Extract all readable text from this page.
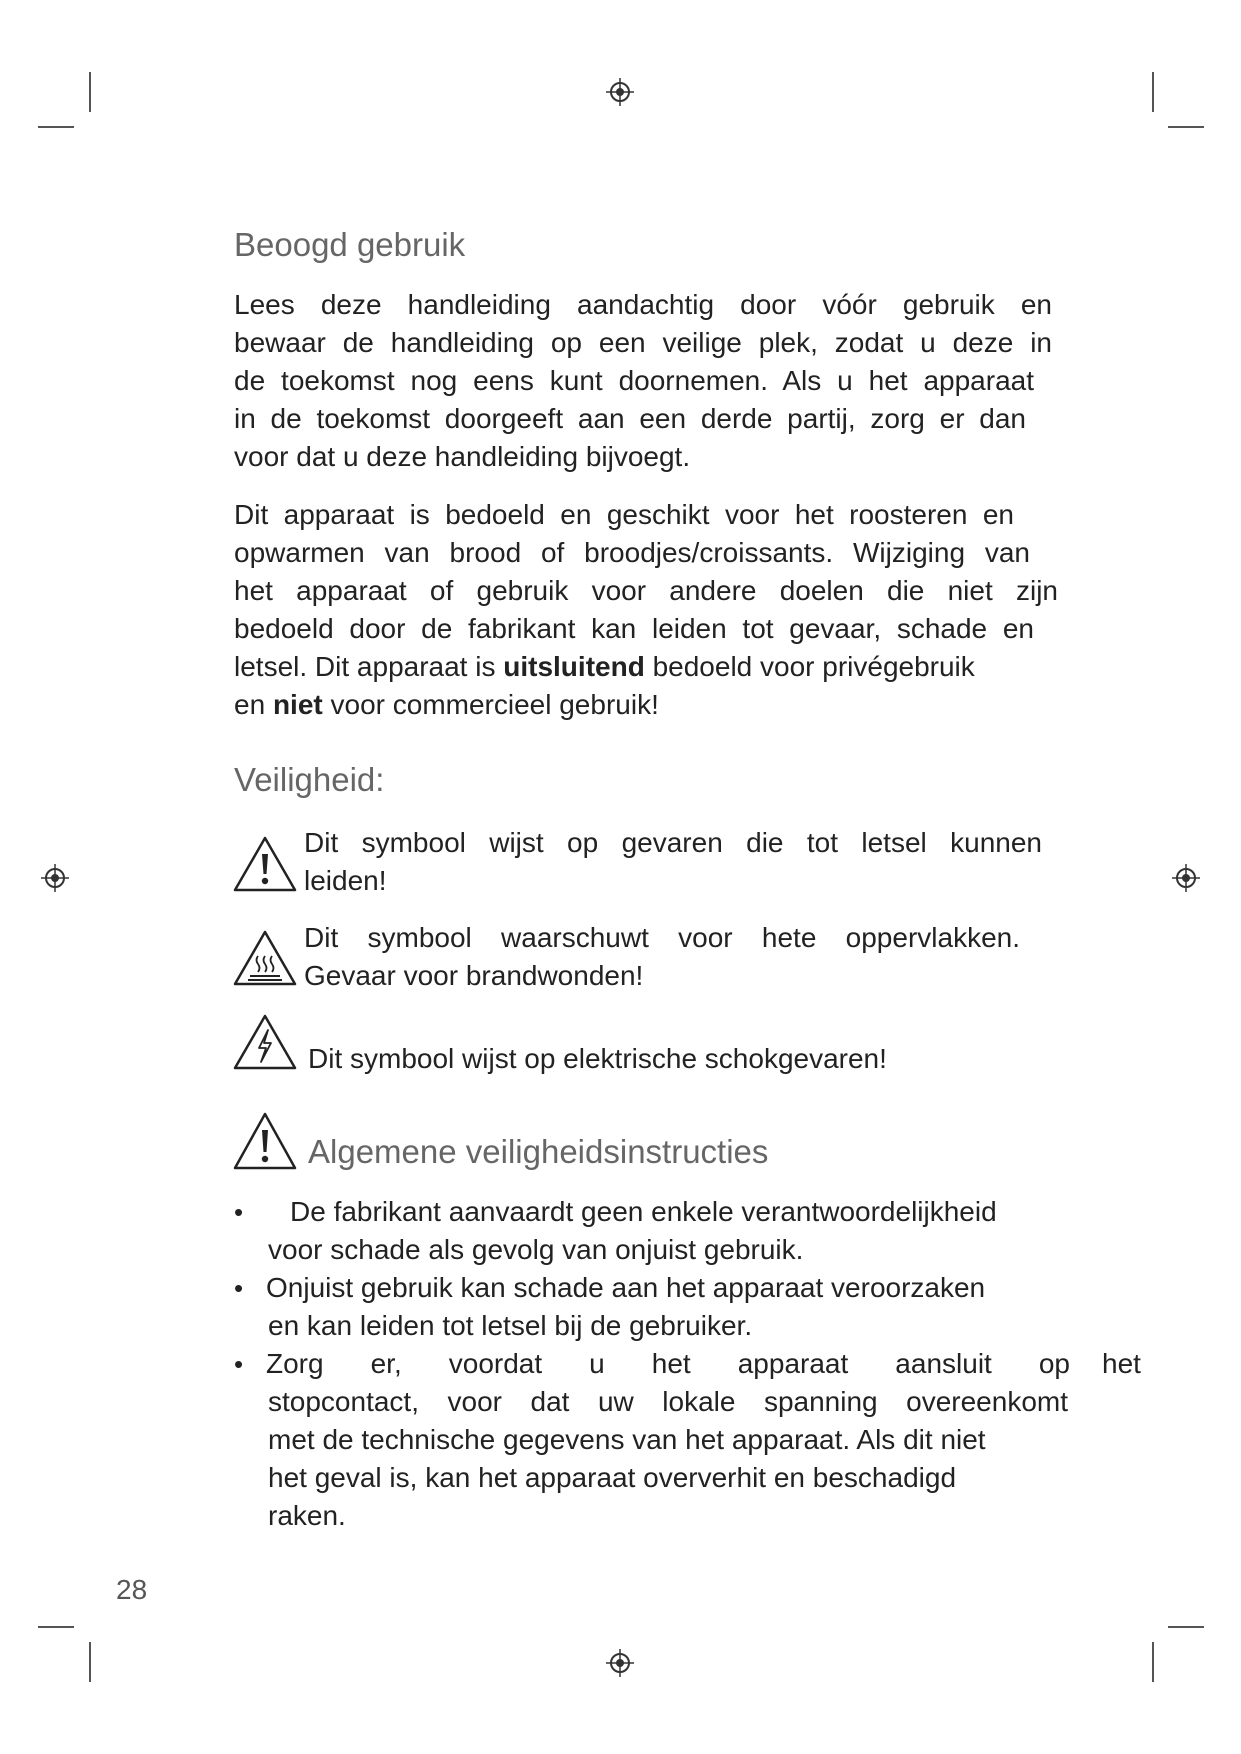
Beoogd gebruik
Lees deze handleiding aandachtig door vóór gebruik en
bewaar de handleiding op een veilige plek, zodat u deze in
de toekomst nog eens kunt doornemen. Als u het apparaat
in de toekomst doorgeeft aan een derde partij, zorg er dan
voor dat u deze handleiding bijvoegt.
Dit apparaat is bedoeld en geschikt voor het roosteren en
opwarmen van brood of broodjes/croissants. Wijziging van
het apparaat of gebruik voor andere doelen die niet zijn
bedoeld door de fabrikant kan leiden tot gevaar, schade en
letsel. Dit apparaat is uitsluitend bedoeld voor privégebruik
en niet voor commercieel gebruik!
Veiligheid:
Dit symbool wijst op gevaren die tot letsel kunnen
leiden!
Dit symbool waarschuwt voor hete oppervlakken.
Gevaar voor brandwonden!
Dit symbool wijst op elektrische schokgevaren!
Algemene veiligheidsinstructies
•	De fabrikant aanvaardt geen enkele verantwoordelijkheid
voor schade als gevolg van onjuist gebruik.
• Onjuist gebruik kan schade aan het apparaat veroorzaken
en kan leiden tot letsel bij de gebruiker.
• Zorg er, voordat u het apparaat aansluit op
stopcontact, voor dat uw lokale spanning overeenkomt
met de technische gegevens van het apparaat. Als dit niet
het geval is, kan het apparaat oververhit en beschadigd
raken.
het
28
